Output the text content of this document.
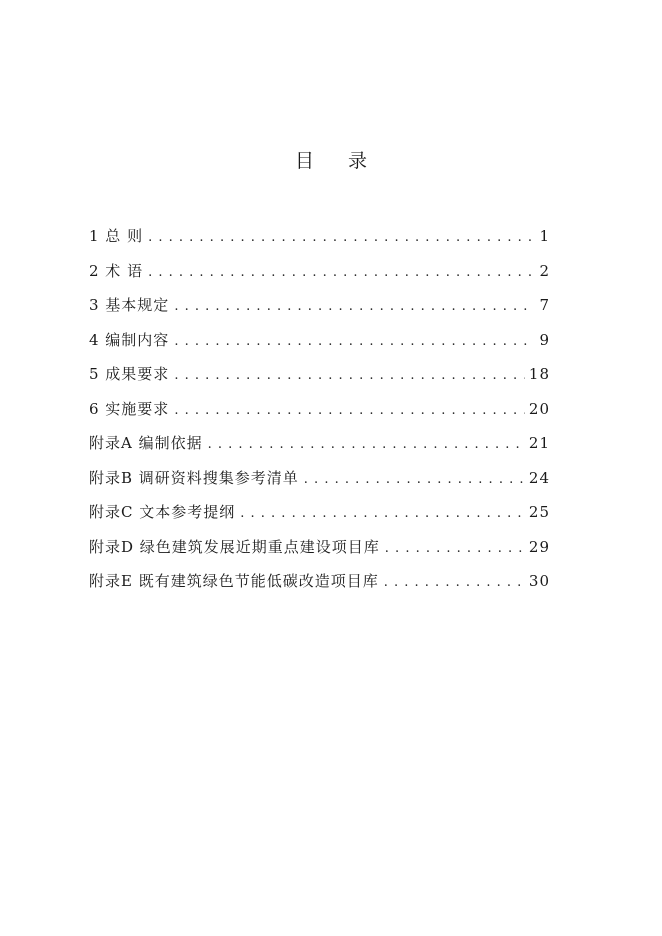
目 录
1 总 则 . . .	1
2 术 语 . . .	2
3 基本规定 . . .	7
4 编制内容 . . .	9
5 成果要求 . . .	18
6 实施要求 . . .	20
附录A 编制依据 . . .	21
附录B 调研资料搜集参考清单 . . .	24
附录C 文本参考提纲 . . .	25
附录D 绿色建筑发展近期重点建设项目库 . . .	29
附录E 既有建筑绿色节能低碳改造项目库 . . .	30
